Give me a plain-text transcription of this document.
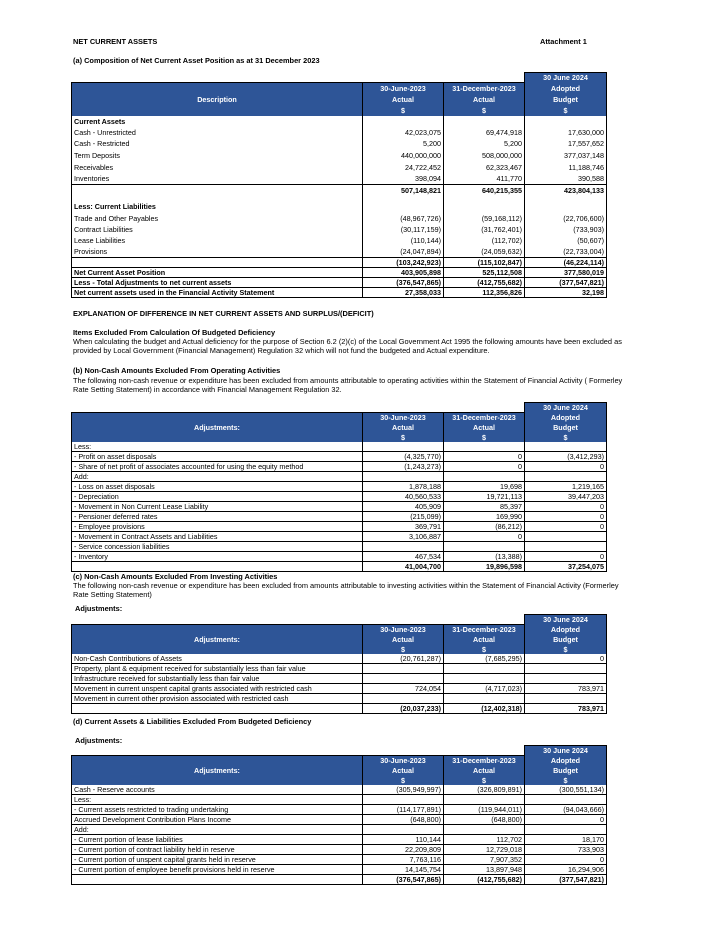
NET CURRENT ASSETS	Attachment 1
(a) Composition of Net Current Asset Position as at 31 December 2023
			30 June 2024
	30-June-2023	31-December-2023	Adopted
Description	Actual	Actual	Budget
	$	$	$
Current Assets			
Cash - Unrestricted	42,023,075	69,474,918	17,630,000
Cash - Restricted	5,200	5,200	17,557,652
Term Deposits	440,000,000	508,000,000	377,037,148
Receivables	24,722,452	62,323,467	11,188,746
Inventories	398,094	411,770	390,588
	507,148,821	640,215,355	423,804,133

Less: Current Liabilities			
Trade and Other Payables	(48,967,726)	(59,168,112)	(22,706,600)
Contract Liabilities	(30,117,159)	(31,762,401)	(733,903)
Lease Liabilities	(110,144)	(112,702)	(50,607)
Provisions	(24,047,894)	(24,059,632)	(22,733,004)
	(103,242,923)	(115,102,847)	(46,224,114)
Net Current Asset Position	403,905,898	525,112,508	377,580,019
Less - Total Adjustments to net current assets	(376,547,865)	(412,755,682)	(377,547,821)
Net current assets used in the Financial Activity Statement	27,358,033	112,356,826	32,198
EXPLANATION OF DIFFERENCE IN NET CURRENT ASSETS AND SURPLUS/(DEFICIT)
Items Excluded From Calculation Of Budgeted Deficiency
When calculating the budget and Actual deficiency for the purpose of Section 6.2 (2)(c) of the Local Government Act 1995 the following amounts have been excluded as provided by Local Government (Financial Management) Regulation 32 which will not fund the budgeted and Actual expenditure.
(b) Non-Cash Amounts Excluded From Operating Activities
The following non-cash revenue or expenditure has been excluded from amounts attributable to operating activities within the Statement of Financial Activity ( Formerley Rate Setting Statement) in accordance with Financial Management Regulation 32.
			30 June 2024
	30-June-2023	31-December-2023	Adopted
Adjustments:	Actual	Actual	Budget
	$	$	$
Less:			
- Profit on asset disposals	(4,325,770)	0	(3,412,293)
- Share of net profit of associates accounted for using the equity method	(1,243,273)	0	0
Add:			
- Loss on asset disposals	1,878,188	19,698	1,219,165
- Depreciation	40,560,533	19,721,113	39,447,203
- Movement in Non Current Lease Liability	405,909	85,397	0
- Pensioner deferred rates	(215,099)	169,990	0
- Employee provisions	369,791	(86,212)	0
- Movement in Contract Assets and Liabilities	3,106,887	0	
- Service concession liabilities			
- Inventory	467,534	(13,388)	0
	41,004,700	19,896,598	37,254,075
(c) Non-Cash Amounts Excluded From Investing Activities
The following non-cash revenue or expenditure has been excluded from amounts attributable to investing activities within the Statement of Financial Activity (Formerley Rate Setting Statement)
Adjustments:
			30 June 2024
	30-June-2023	31-December-2023	Adopted
Adjustments:	Actual	Actual	Budget
	$	$	$
Non-Cash Contributions of Assets	(20,761,287)	(7,685,295)	0
Property, plant & equipment received for substantially less than fair value			
Infrastructure received for substantially less than fair value			
Movement in current unspent capital grants associated with restricted cash	724,054	(4,717,023)	783,971
Movement in current other provision associated with restricted cash			
	(20,037,233)	(12,402,318)	783,971
(d) Current Assets & Liabilities Excluded From Budgeted Deficiency
Adjustments:
			30 June 2024
	30-June-2023	31-December-2023	Adopted
Adjustments:	Actual	Actual	Budget
	$	$	$
Cash - Reserve accounts	(305,949,997)	(326,809,891)	(300,551,134)
Less:			
- Current assets restricted to trading undertaking	(114,177,891)	(119,944,011)	(94,043,666)
Accrued Development Contribution Plans Income	(648,800)	(648,800)	0
Add:			
- Current portion of lease liabilities	110,144	112,702	18,170
- Current portion of contract liability held in reserve	22,209,809	12,729,018	733,903
- Current portion of unspent capital grants held in reserve	7,763,116	7,907,352	0
- Current portion of employee benefit provisions held in reserve	14,145,754	13,897,948	16,294,906
	(376,547,865)	(412,755,682)	(377,547,821)
